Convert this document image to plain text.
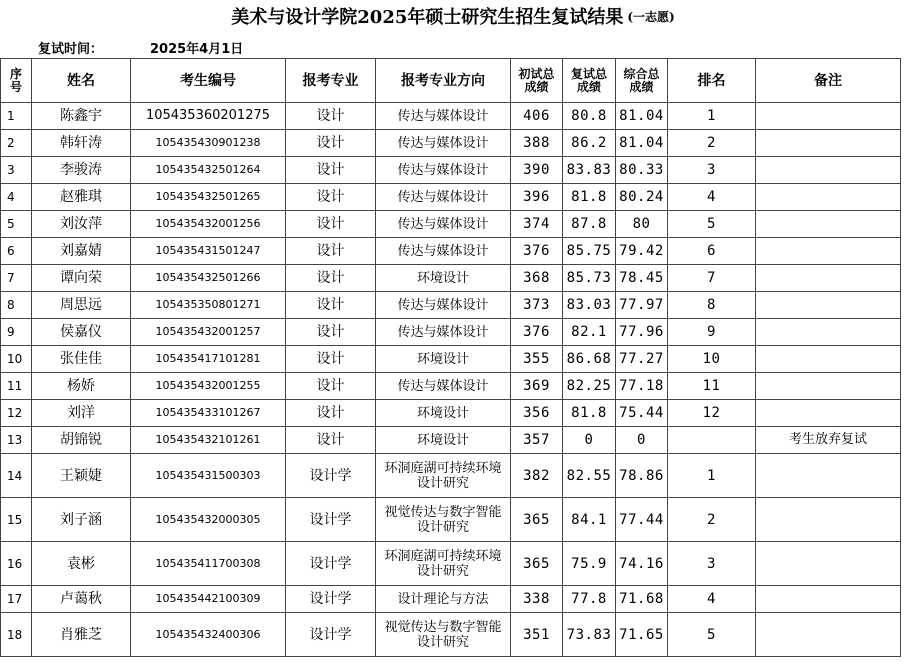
美术与设计学院2025年硕士研究生招生复试结果 (一志愿)
复试时间：	2025年4月1日
序号	姓名	考生编号	报考专业	报考专业方向	初试总成绩	复试总成绩	综合总成绩	排名	备注
1	陈鑫宇	105435360201275	设计	传达与媒体设计	406	80.8	81.04	1	
2	韩轩涛	105435430901238	设计	传达与媒体设计	388	86.2	81.04	2	
3	李骏涛	105435432501264	设计	传达与媒体设计	390	83.83	80.33	3	
4	赵雅琪	105435432501265	设计	传达与媒体设计	396	81.8	80.24	4	
5	刘汝萍	105435432001256	设计	传达与媒体设计	374	87.8	80	5	
6	刘嘉婧	105435431501247	设计	传达与媒体设计	376	85.75	79.42	6	
7	谭向荣	105435432501266	设计	环境设计	368	85.73	78.45	7	
8	周思远	105435350801271	设计	传达与媒体设计	373	83.03	77.97	8	
9	侯嘉仪	105435432001257	设计	传达与媒体设计	376	82.1	77.96	9	
10	张佳佳	105435417101281	设计	环境设计	355	86.68	77.27	10	
11	杨娇	105435432001255	设计	传达与媒体设计	369	82.25	77.18	11	
12	刘洋	105435433101267	设计	环境设计	356	81.8	75.44	12	
13	胡锦锐	105435432101261	设计	环境设计	357	0	0		考生放弃复试
14	王颖婕	105435431500303	设计学	环洞庭湖可持续环境设计研究	382	82.55	78.86	1	
15	刘子涵	105435432000305	设计学	视觉传达与数字智能设计研究	365	84.1	77.44	2	
16	袁彬	105435411700308	设计学	环洞庭湖可持续环境设计研究	365	75.9	74.16	3	
17	卢蔼秋	105435442100309	设计学	设计理论与方法	338	77.8	71.68	4	
18	肖雅芝	105435432400306	设计学	视觉传达与数字智能设计研究	351	73.83	71.65	5	
